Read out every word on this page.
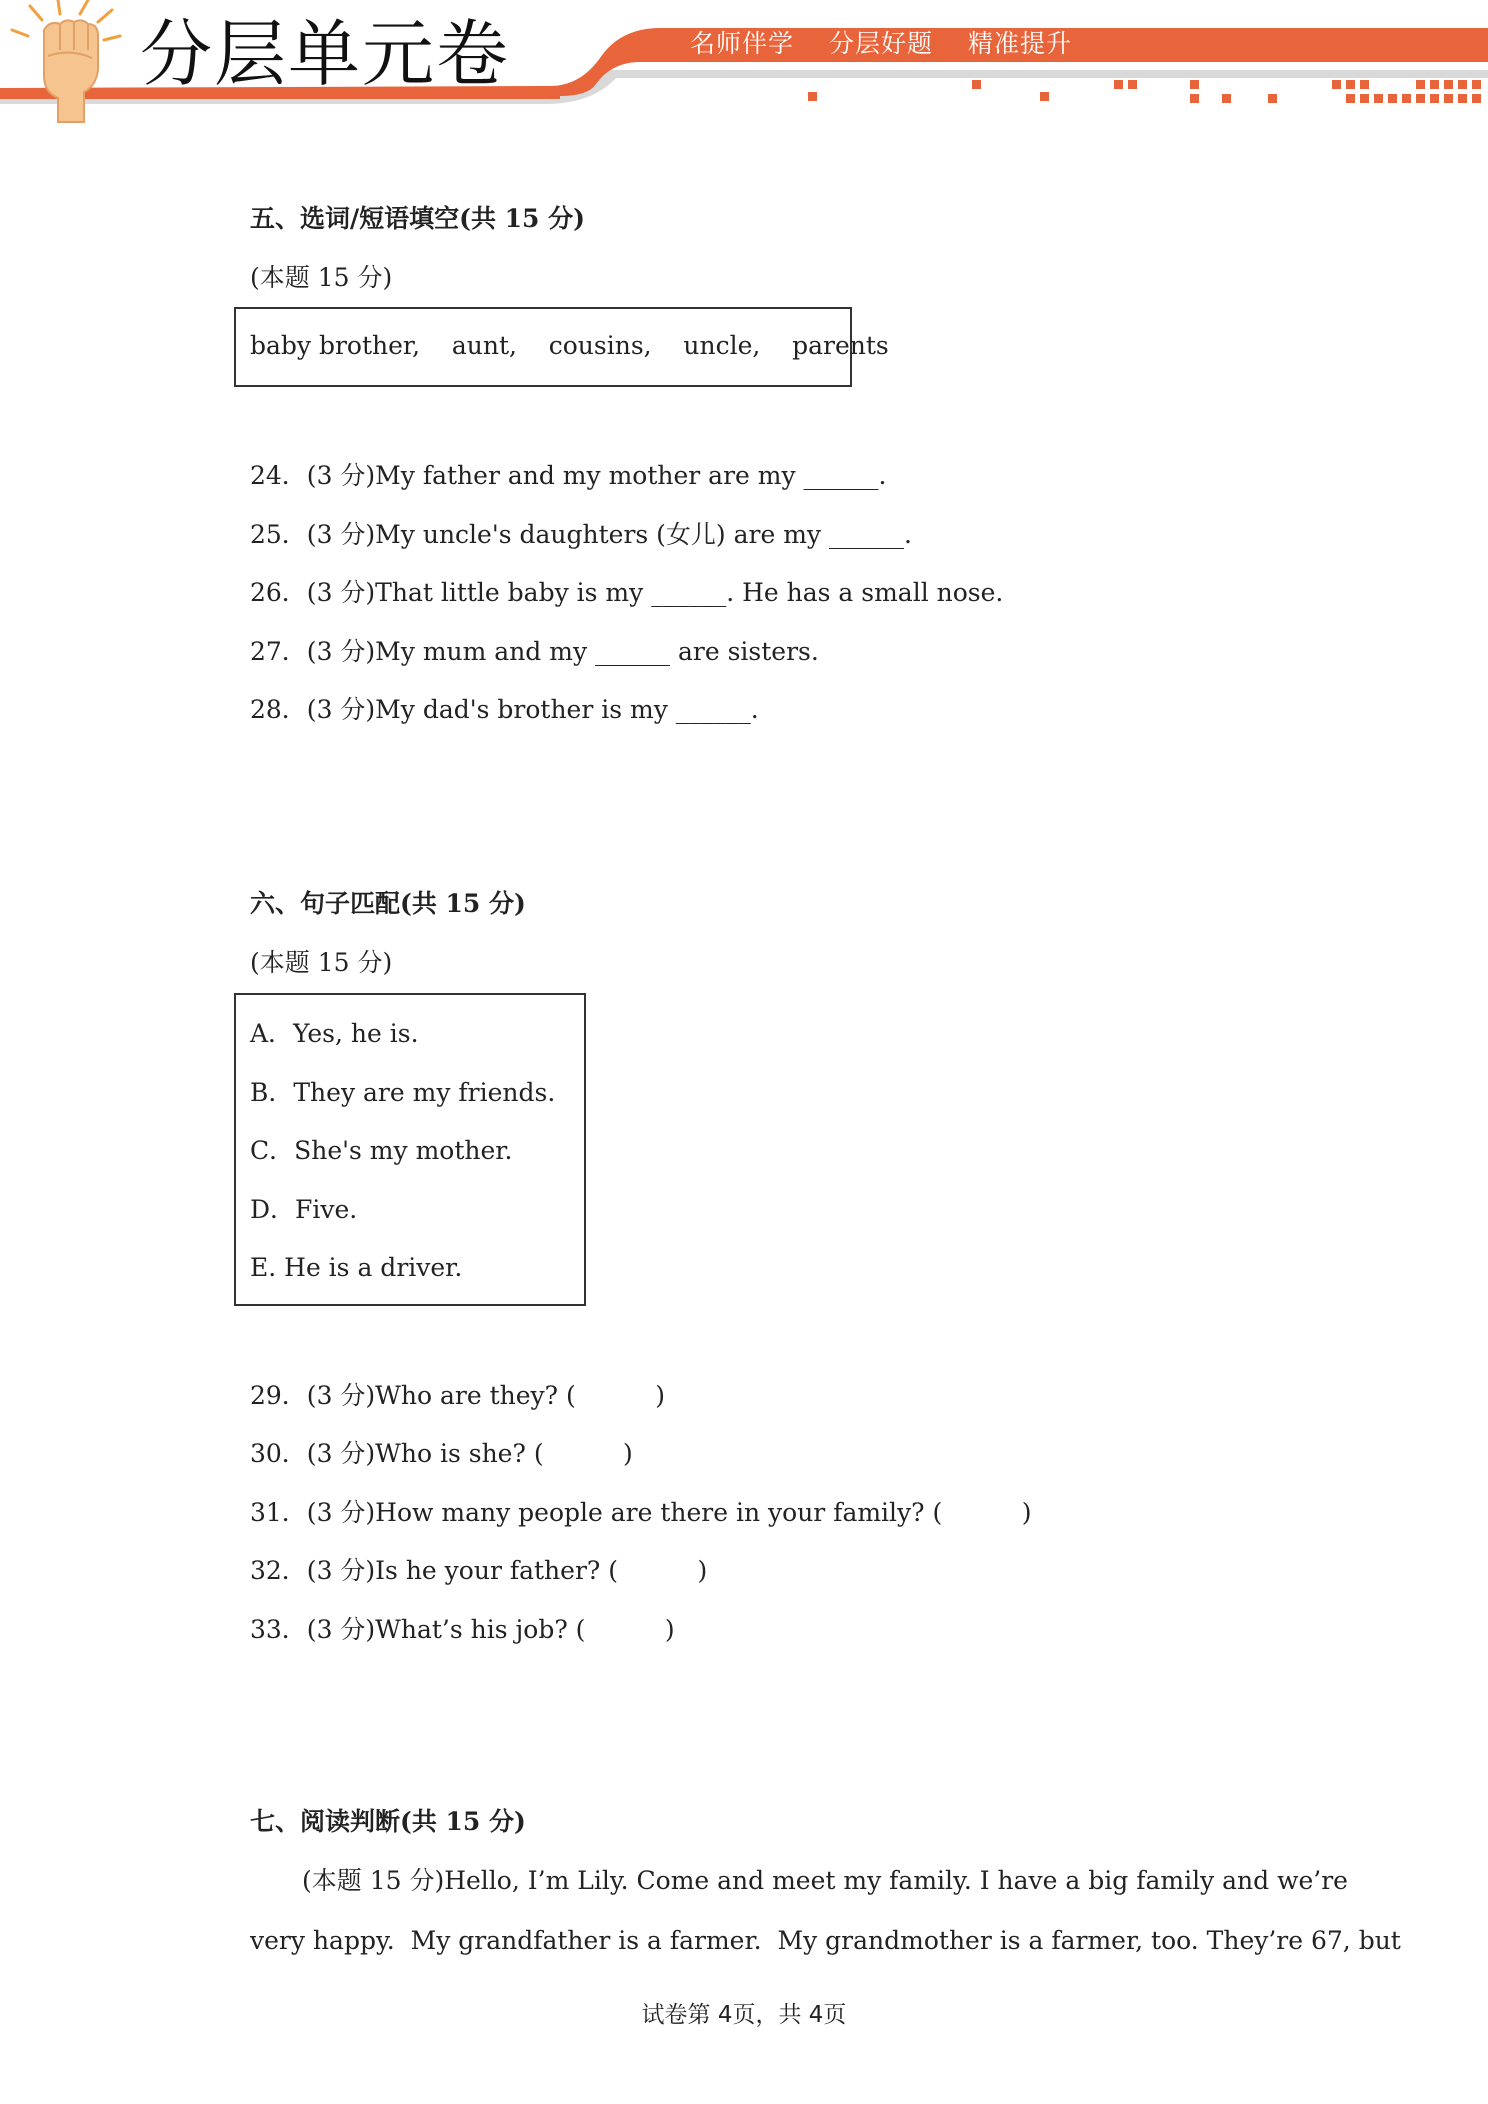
分层单元卷	名师伴学 分层好题 精准提升
五、选词/短语填空(共 15 分)
(本题 15 分)
baby brother,    aunt,    cousins,    uncle,    parents
24．(3 分)My father and my mother are my ______.
25．(3 分)My uncle's daughters (女儿) are my ______.
26．(3 分)That little baby is my ______. He has a small nose.
27．(3 分)My mum and my ______ are sisters.
28．(3 分)My dad's brother is my ______.
六、句子匹配(共 15 分)
(本题 15 分)
A．Yes, he is.
B．They are my friends.
C．She's my mother.
D．Five.
E. He is a driver.
29．(3 分)Who are they? (          )
30．(3 分)Who is she? (          )
31．(3 分)How many people are there in your family? (          )
32．(3 分)Is he your father? (          )
33．(3 分)What’s his job? (          )
七、阅读判断(共 15 分)
(本题 15 分)Hello, I’m Lily. Come and meet my family. I have a big family and we’re
very happy.  My grandfather is a farmer.  My grandmother is a farmer, too. They’re 67, but
试卷第 4页，共 4页
